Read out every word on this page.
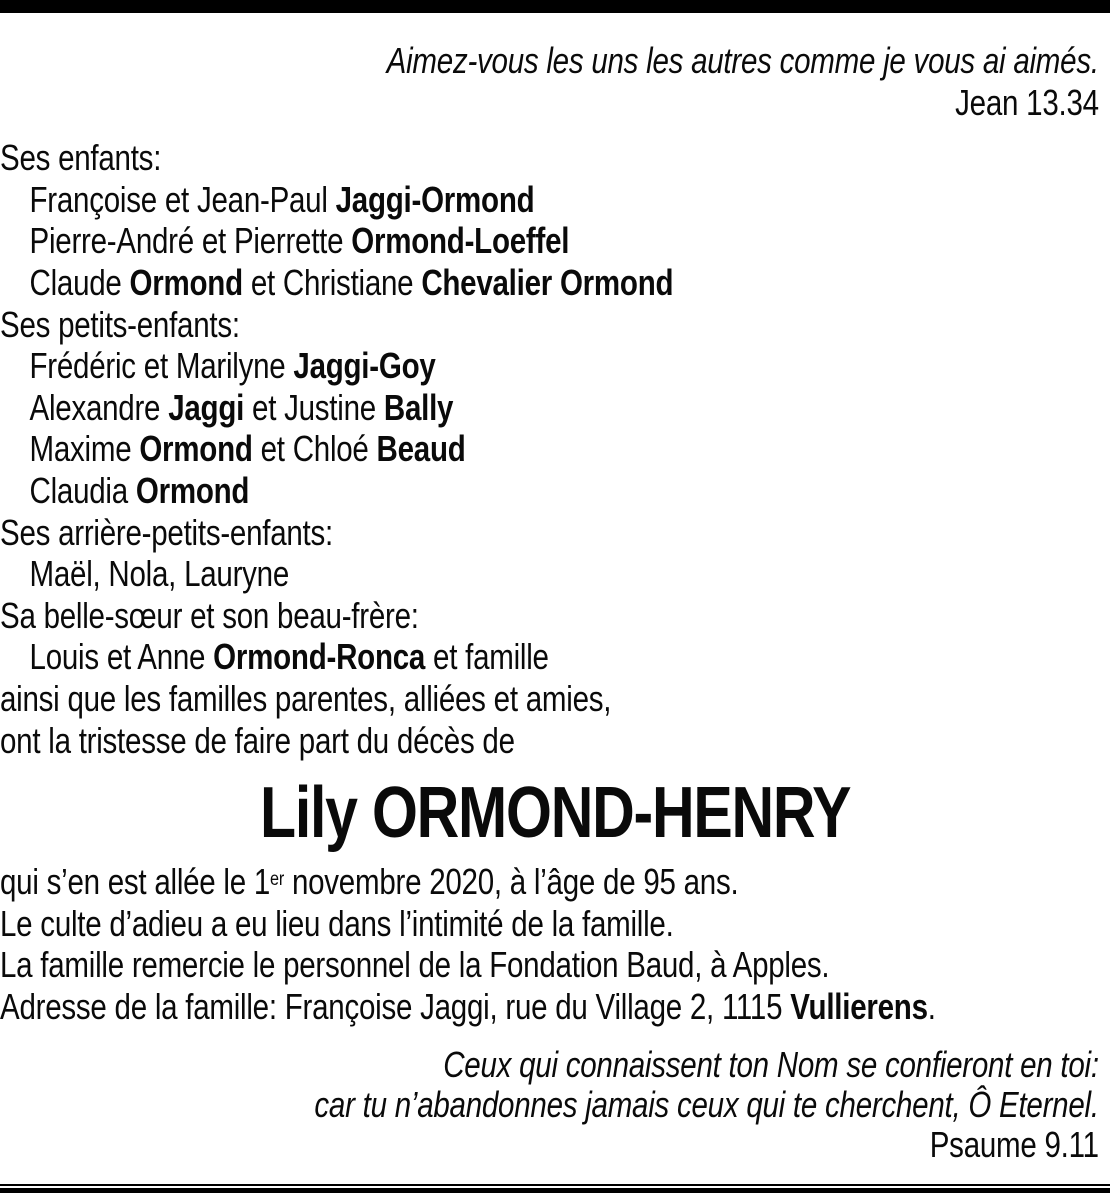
Aimez-vous les uns les autres comme je vous ai aimés.

Jean 13.34

Ses enfants:

Françoise et Jean-Paul Jaggi-Ormond

Pierre-André et Pierrette Ormond-Loeffel

Claude Ormond et Christiane Chevalier Ormond

Ses petits-enfants:

Frédéric et Marilyne Jaggi-Goy

Alexandre Jaggi et Justine Bally

Maxime Ormond et Chloé Beaud

Claudia Ormond

Ses arrière-petits-enfants:

Maël, Nola, Lauryne

Sa belle-sœur et son beau-frère:

Louis et Anne Ormond-Ronca et famille

ainsi que les familles parentes, alliées et amies,

ont la tristesse de faire part du décès de

Lily ORMOND-HENRY

qui s’en est allée le 1er novembre 2020, à l’âge de 95 ans.

Le culte d’adieu a eu lieu dans l’intimité de la famille.

La famille remercie le personnel de la Fondation Baud, à Apples.

Adresse de la famille: Françoise Jaggi, rue du Village 2, 1115 Vullierens.

Ceux qui connaissent ton Nom se confieront en toi:

car tu n’abandonnes jamais ceux qui te cherchent, Ô Eternel.

Psaume 9.11
